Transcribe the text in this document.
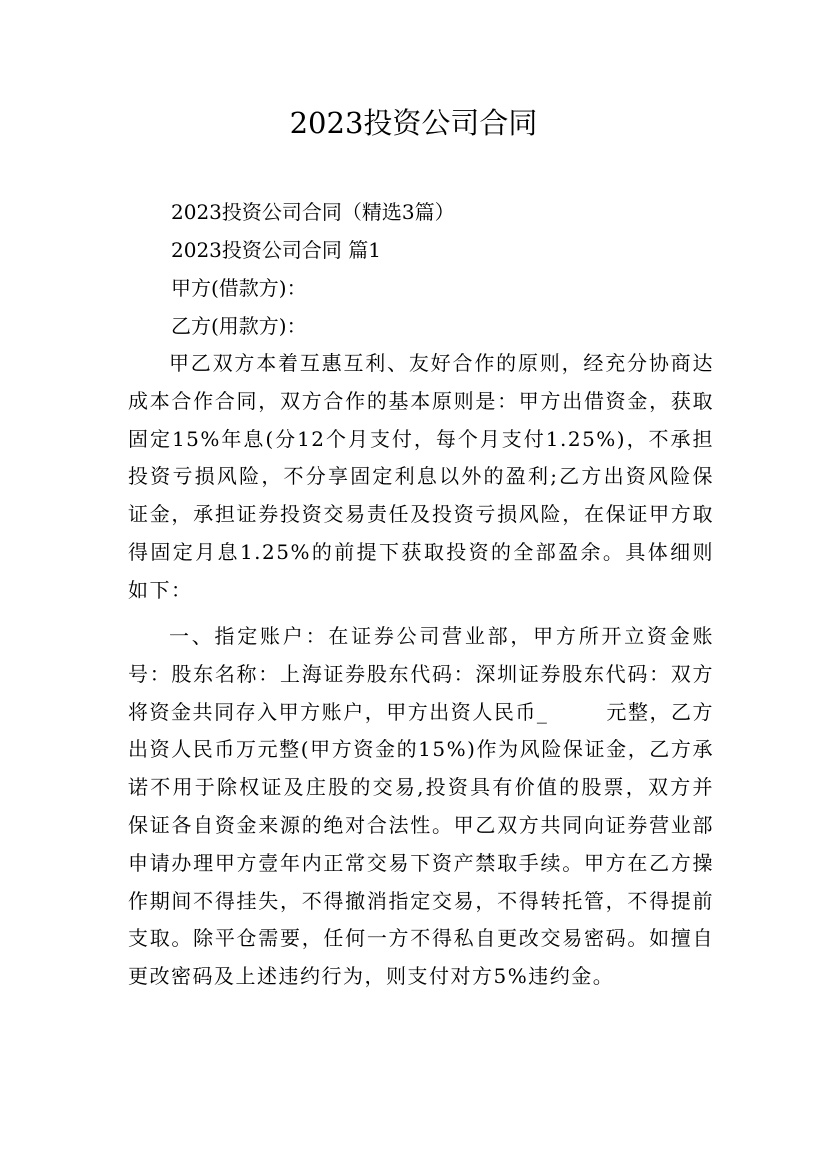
2023投资公司合同

2023投资公司合同（精选3篇）

2023投资公司合同 篇1

甲方(借款方)：

乙方(用款方)：

甲乙双方本着互惠互利、友好合作的原则，经充分协商达成本合作合同，双方合作的基本原则是：甲方出借资金，获取固定15%年息(分12个月支付，每个月支付1.25%)，不承担投资亏损风险，不分享固定利息以外的盈利;乙方出资风险保证金，承担证券投资交易责任及投资亏损风险，在保证甲方取得固定月息1.25%的前提下获取投资的全部盈余。具体细则如下：

一、指定账户：在证券公司营业部，甲方所开立资金账号：股东名称：上海证券股东代码：深圳证券股东代码：双方将资金共同存入甲方账户，甲方出资人民币_	元整，乙方出资人民币万元整(甲方资金的15%)作为风险保证金，乙方承诺不用于除权证及庄股的交易,投资具有价值的股票，双方并保证各自资金来源的绝对合法性。甲乙双方共同向证券营业部申请办理甲方壹年内正常交易下资产禁取手续。甲方在乙方操作期间不得挂失，不得撤消指定交易，不得转托管，不得提前支取。除平仓需要，任何一方不得私自更改交易密码。如擅自更改密码及上述违约行为，则支付对方5%违约金。
